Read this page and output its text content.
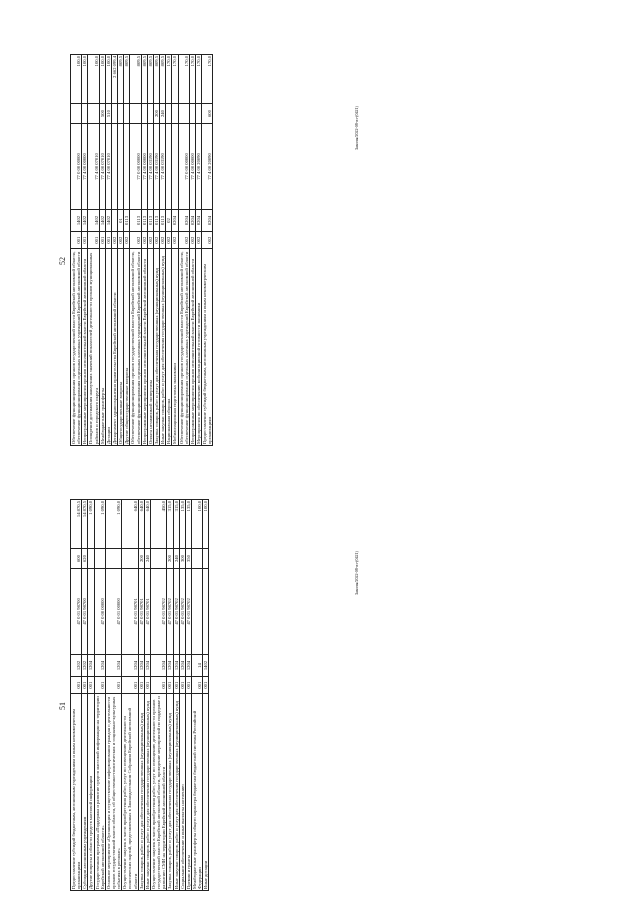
52 Обеспечение функционирования органов государственной власти Еврейской автономной области, обеспечение функционирования отдельных казенных учреждений Еврейской автономной области	001	1402	77 0 00 00000		100,0
Непрограммные мероприятия органов исполнительной власти Еврейской автономной области	001	1402	77 4 00 00000		100,0
Поощрение достижения наилучших значений показателей деятельности органов муниципальных районов и городского округа	001	1402	77 4 00 07010		100,0
Межбюджетные трансферты	001	1402	77 4 00 07010	500	100,0
Дотации	001	1402	77 4 00 07010	510	100,0
Департамент здравоохранения правительства Еврейской автономной области	002				2 662 099,4
Общегосударственные вопросы	002	01			809,5
Другие общегосударственные вопросы	002	0113			809,5
Обеспечение функционирования органов государственной власти Еврейской автономной области, обеспечение функционирования отдельных казенных учреждений Еврейской автономной области	002	0113	77 0 00 00000		809,5
Непрограммные мероприятия органов исполнительной власти Еврейской автономной области	002	0113	77 4 00 00000		809,5
Оплата независимой экспертизы	002	0113	77 4 00 03190		809,5
Закупка товаров, работ и услуг для обеспечения государственных (муниципальных) нужд	002	0113	77 4 00 03190	200	809,5
Иные закупки товаров, работ и услуг для обеспечения государственных (муниципальных) нужд	002	0113	77 4 00 03190	240	809,5
Национальная оборона	002	02			170,0
Мобилизационная подготовка экономики	002	0204			170,0
Обеспечение функционирования органов государственной власти Еврейской автономной области, обеспечение функционирования отдельных казенных учреждений Еврейской автономной области	002	0204	77 0 00 00000		170,0
Непрограммные мероприятия органов исполнительной власти Еврейской автономной области	002	0204	77 4 00 00000		170,0
Мероприятия по обеспечению мобилизационной готовности экономики	002	0204	77 4 00 20090		170,0
Предоставление субсидий бюджетным, автономным учреждениям и иным некоммерческим организациям	002	0204	77 4 00 20090	600	170,0
Законы/2022-08-пз-(0421)
51
Предоставление субсидий бюджетным, автономным учреждениям и иным некоммерческим организациям	001	1202	47 0 01 98700	600	14 870,5
Субсидии автономным учреждениям	001	1202	47 0 01 98700	620	14 870,5
Другие вопросы в области средств массовой информации	001	1204			1 090,0
Государственная программа «Поддержка и развитие средств массовой информации на территории Еврейской автономной области»	001	1204	47 0 00 00000		1 090,0
Основное мероприятие «Организация и осуществление информирования граждан о деятельности органов государственной власти области, об общественно-политических и социально-культурных событиях в регионе»	001	1204	47 0 01 00000		1 090,0
Осуществление закупок в части приобретения работ, услуг по освещению деятельности политических партий, представленных в Законодательном Собрании Еврейской автономной области	001	1204	47 0 01 98701		640,0
Закупка товаров, работ и услуг для обеспечения государственных (муниципальных) нужд	001	1204	47 0 01 98701	200	640,0
Иные закупки товаров, работ и услуг для обеспечения государственных (муниципальных) нужд	001	1204	47 0 01 98701	240	640,0
Осуществление закупок в части приобретения работ, услуг по освещению деятельности органов государственной власти Еврейской автономной области, проведение мероприятий по поддержке и развитию СМИ на территории Еврейской автономной области	001	1204	47 0 01 98702		450,0
Закупка товаров, работ и услуг для обеспечения государственных (муниципальных) нужд	001	1204	47 0 01 98702	200	315,0
Иные закупки товаров, работ и услуг для обеспечения государственных (муниципальных) нужд	001	1204	47 0 01 98702	240	315,0
Социальное обеспечение и иные выплаты населению	001	1204	47 0 01 98702	300	135,0
Премии и гранты	001	1204	47 0 01 98702	350	135,0
Межбюджетные трансферты общего характера бюджетам бюджетной системы Российской Федерации	001	14			100,0
Иные дотации	001	1402			100,0
Законы/2022-08-пз-(0421)
